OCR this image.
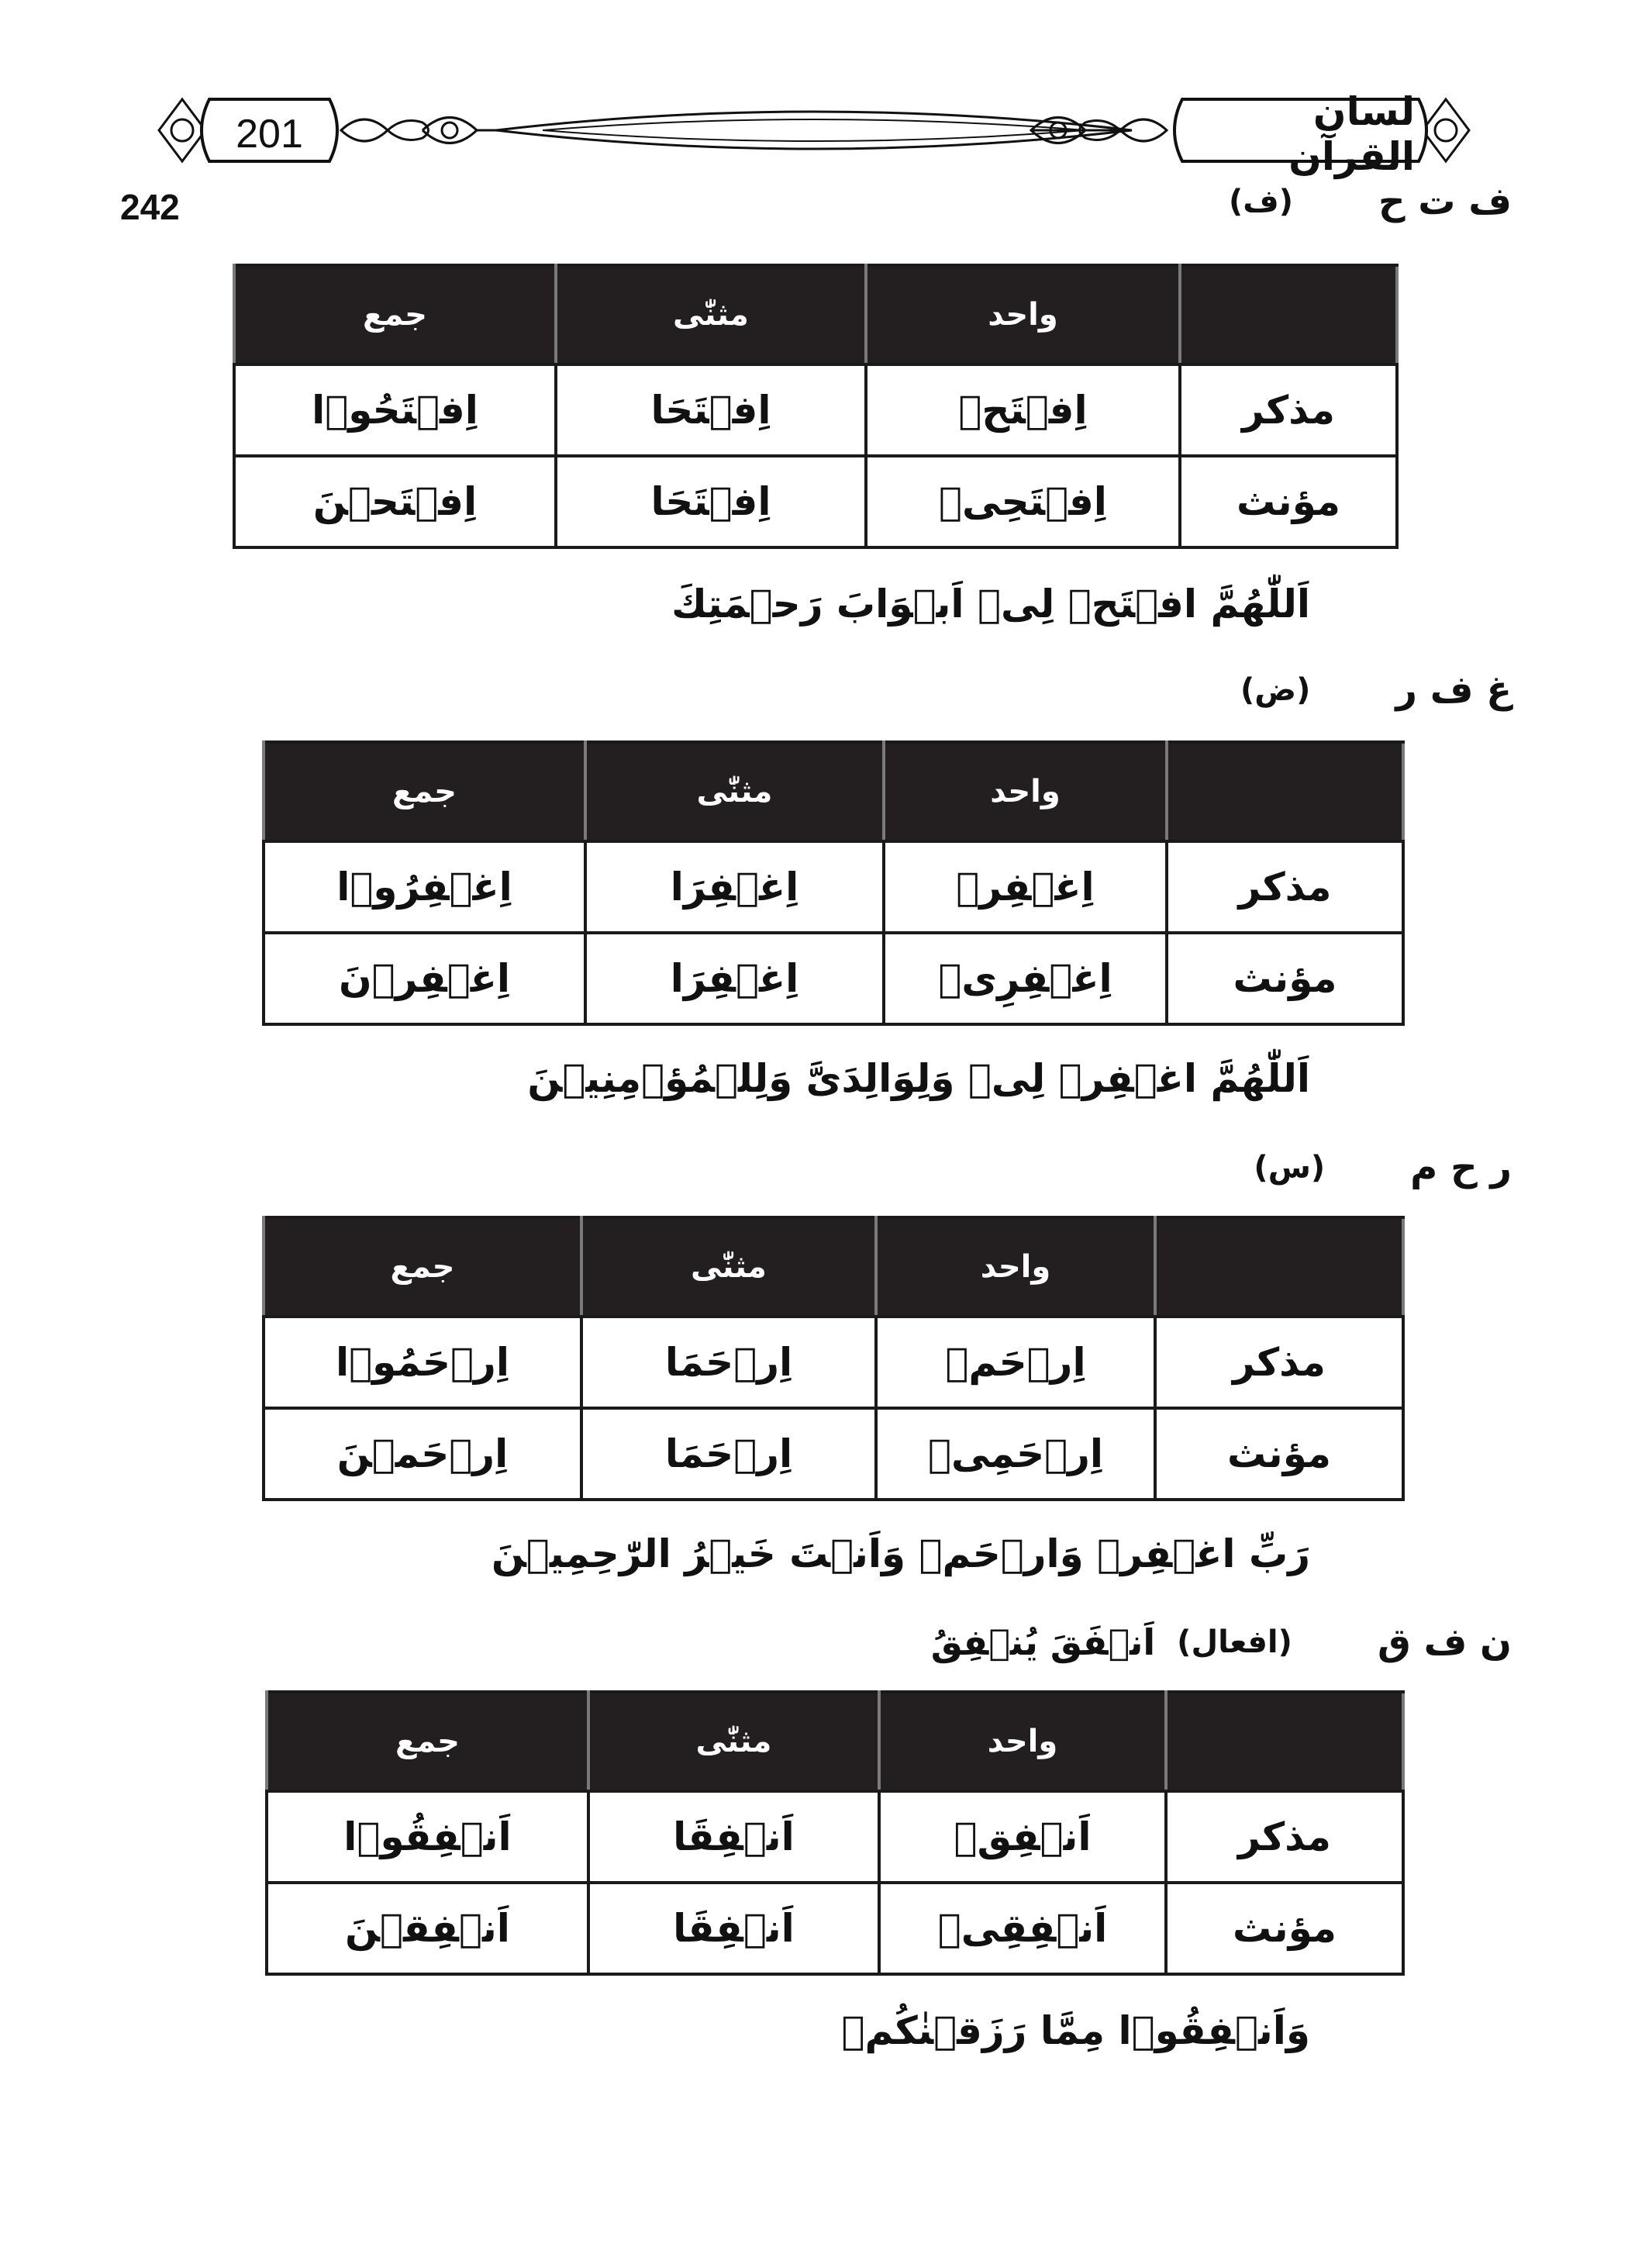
201	لسان القرآن
242	ف ت ح
(ف)
	واحد	مثنّٰی	جمع
مذکر	اِفۡتَحۡ	اِفۡتَحَا	اِفۡتَحُوۡا
مؤنث	اِفۡتَحِیۡ	اِفۡتَحَا	اِفۡتَحۡنَ
اَللّٰھُمَّ افۡتَحۡ لِیۡ اَبۡوَابَ رَحۡمَتِكَ
غ ف ر
(ض)
	واحد	مثنّٰی	جمع
مذکر	اِغۡفِرۡ	اِغۡفِرَا	اِغۡفِرُوۡا
مؤنث	اِغۡفِرِیۡ	اِغۡفِرَا	اِغۡفِرۡنَ
اَللّٰھُمَّ اغۡفِرۡ لِیۡ وَلِوَالِدَیَّ وَلِلۡمُؤۡمِنِیۡنَ
ر ح م
(س)
	واحد	مثنّٰی	جمع
مذکر	اِرۡحَمۡ	اِرۡحَمَا	اِرۡحَمُوۡا
مؤنث	اِرۡحَمِیۡ	اِرۡحَمَا	اِرۡحَمۡنَ
رَبِّ اغۡفِرۡ وَارۡحَمۡ وَاَنۡتَ خَیۡرُ الرّٰحِمِیۡنَ
ن ف ق
(افعال)
اَنۡفَقَ یُنۡفِقُ
	واحد	مثنّٰی	جمع
مذکر	اَنۡفِقۡ	اَنۡفِقَا	اَنۡفِقُوۡا
مؤنث	اَنۡفِقِیۡ	اَنۡفِقَا	اَنۡفِقۡنَ
وَاَنۡفِقُوۡا مِمَّا رَزَقۡنٰکُمۡ
